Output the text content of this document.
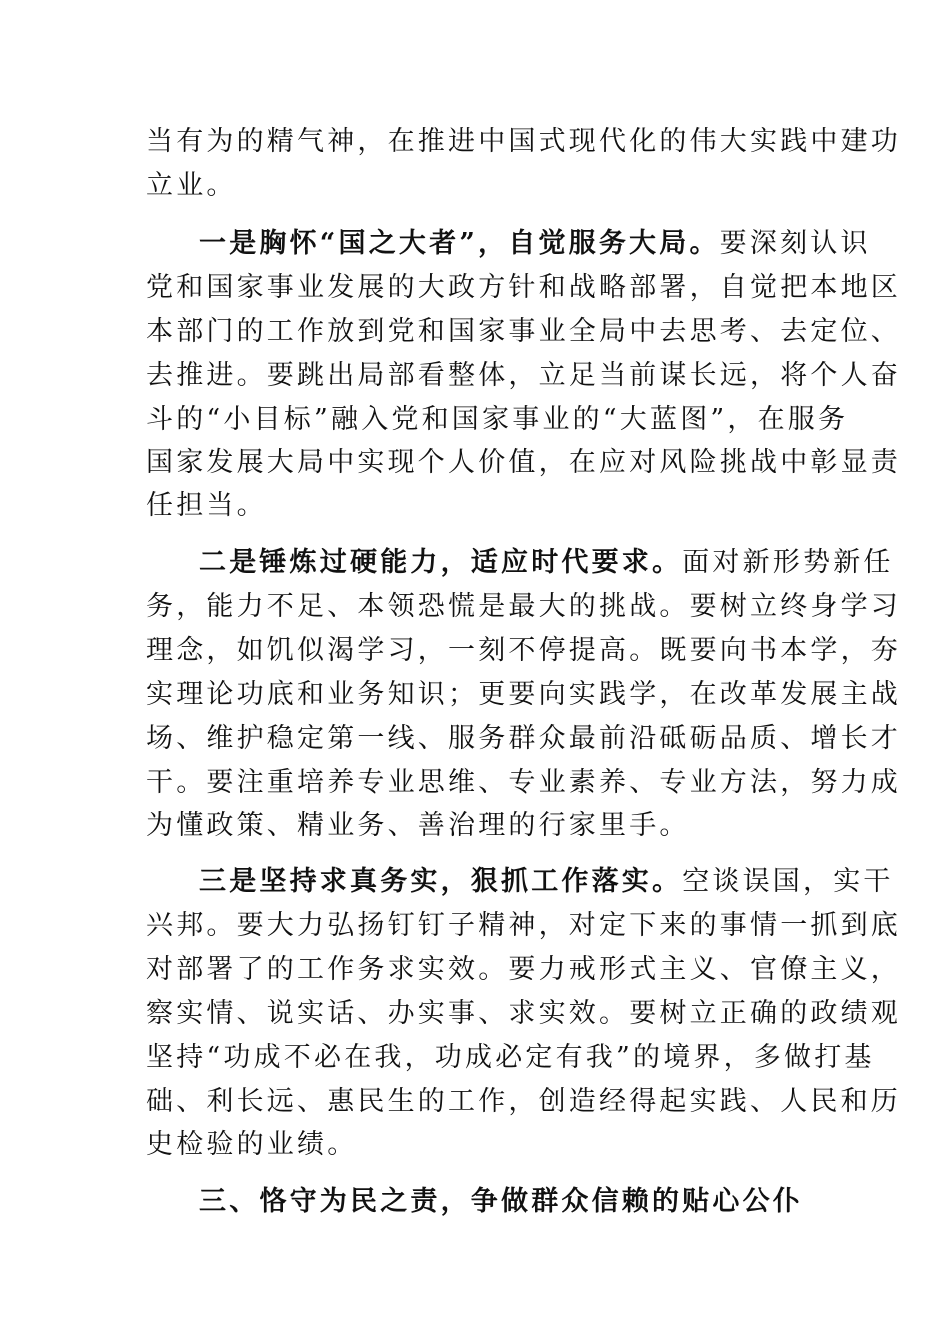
当有为的精气神，在推进中国式现代化的伟大实践中建功
立业。
一是胸怀“国之大者”，自觉服务大局。要深刻认识
党和国家事业发展的大政方针和战略部署，自觉把本地区
本部门的工作放到党和国家事业全局中去思考、去定位、
去推进。要跳出局部看整体，立足当前谋长远，将个人奋
斗的“小目标”融入党和国家事业的“大蓝图”，在服务
国家发展大局中实现个人价值，在应对风险挑战中彰显责
任担当。
二是锤炼过硬能力，适应时代要求。面对新形势新任
务，能力不足、本领恐慌是最大的挑战。要树立终身学习
理念，如饥似渴学习，一刻不停提高。既要向书本学，夯
实理论功底和业务知识；更要向实践学，在改革发展主战
场、维护稳定第一线、服务群众最前沿砥砺品质、增长才
干。要注重培养专业思维、专业素养、专业方法，努力成
为懂政策、精业务、善治理的行家里手。
三是坚持求真务实，狠抓工作落实。空谈误国，实干
兴邦。要大力弘扬钉钉子精神，对定下来的事情一抓到底
对部署了的工作务求实效。要力戒形式主义、官僚主义，
察实情、说实话、办实事、求实效。要树立正确的政绩观
坚持“功成不必在我，功成必定有我”的境界，多做打基
础、利长远、惠民生的工作，创造经得起实践、人民和历
史检验的业绩。
三、恪守为民之责，争做群众信赖的贴心公仆
